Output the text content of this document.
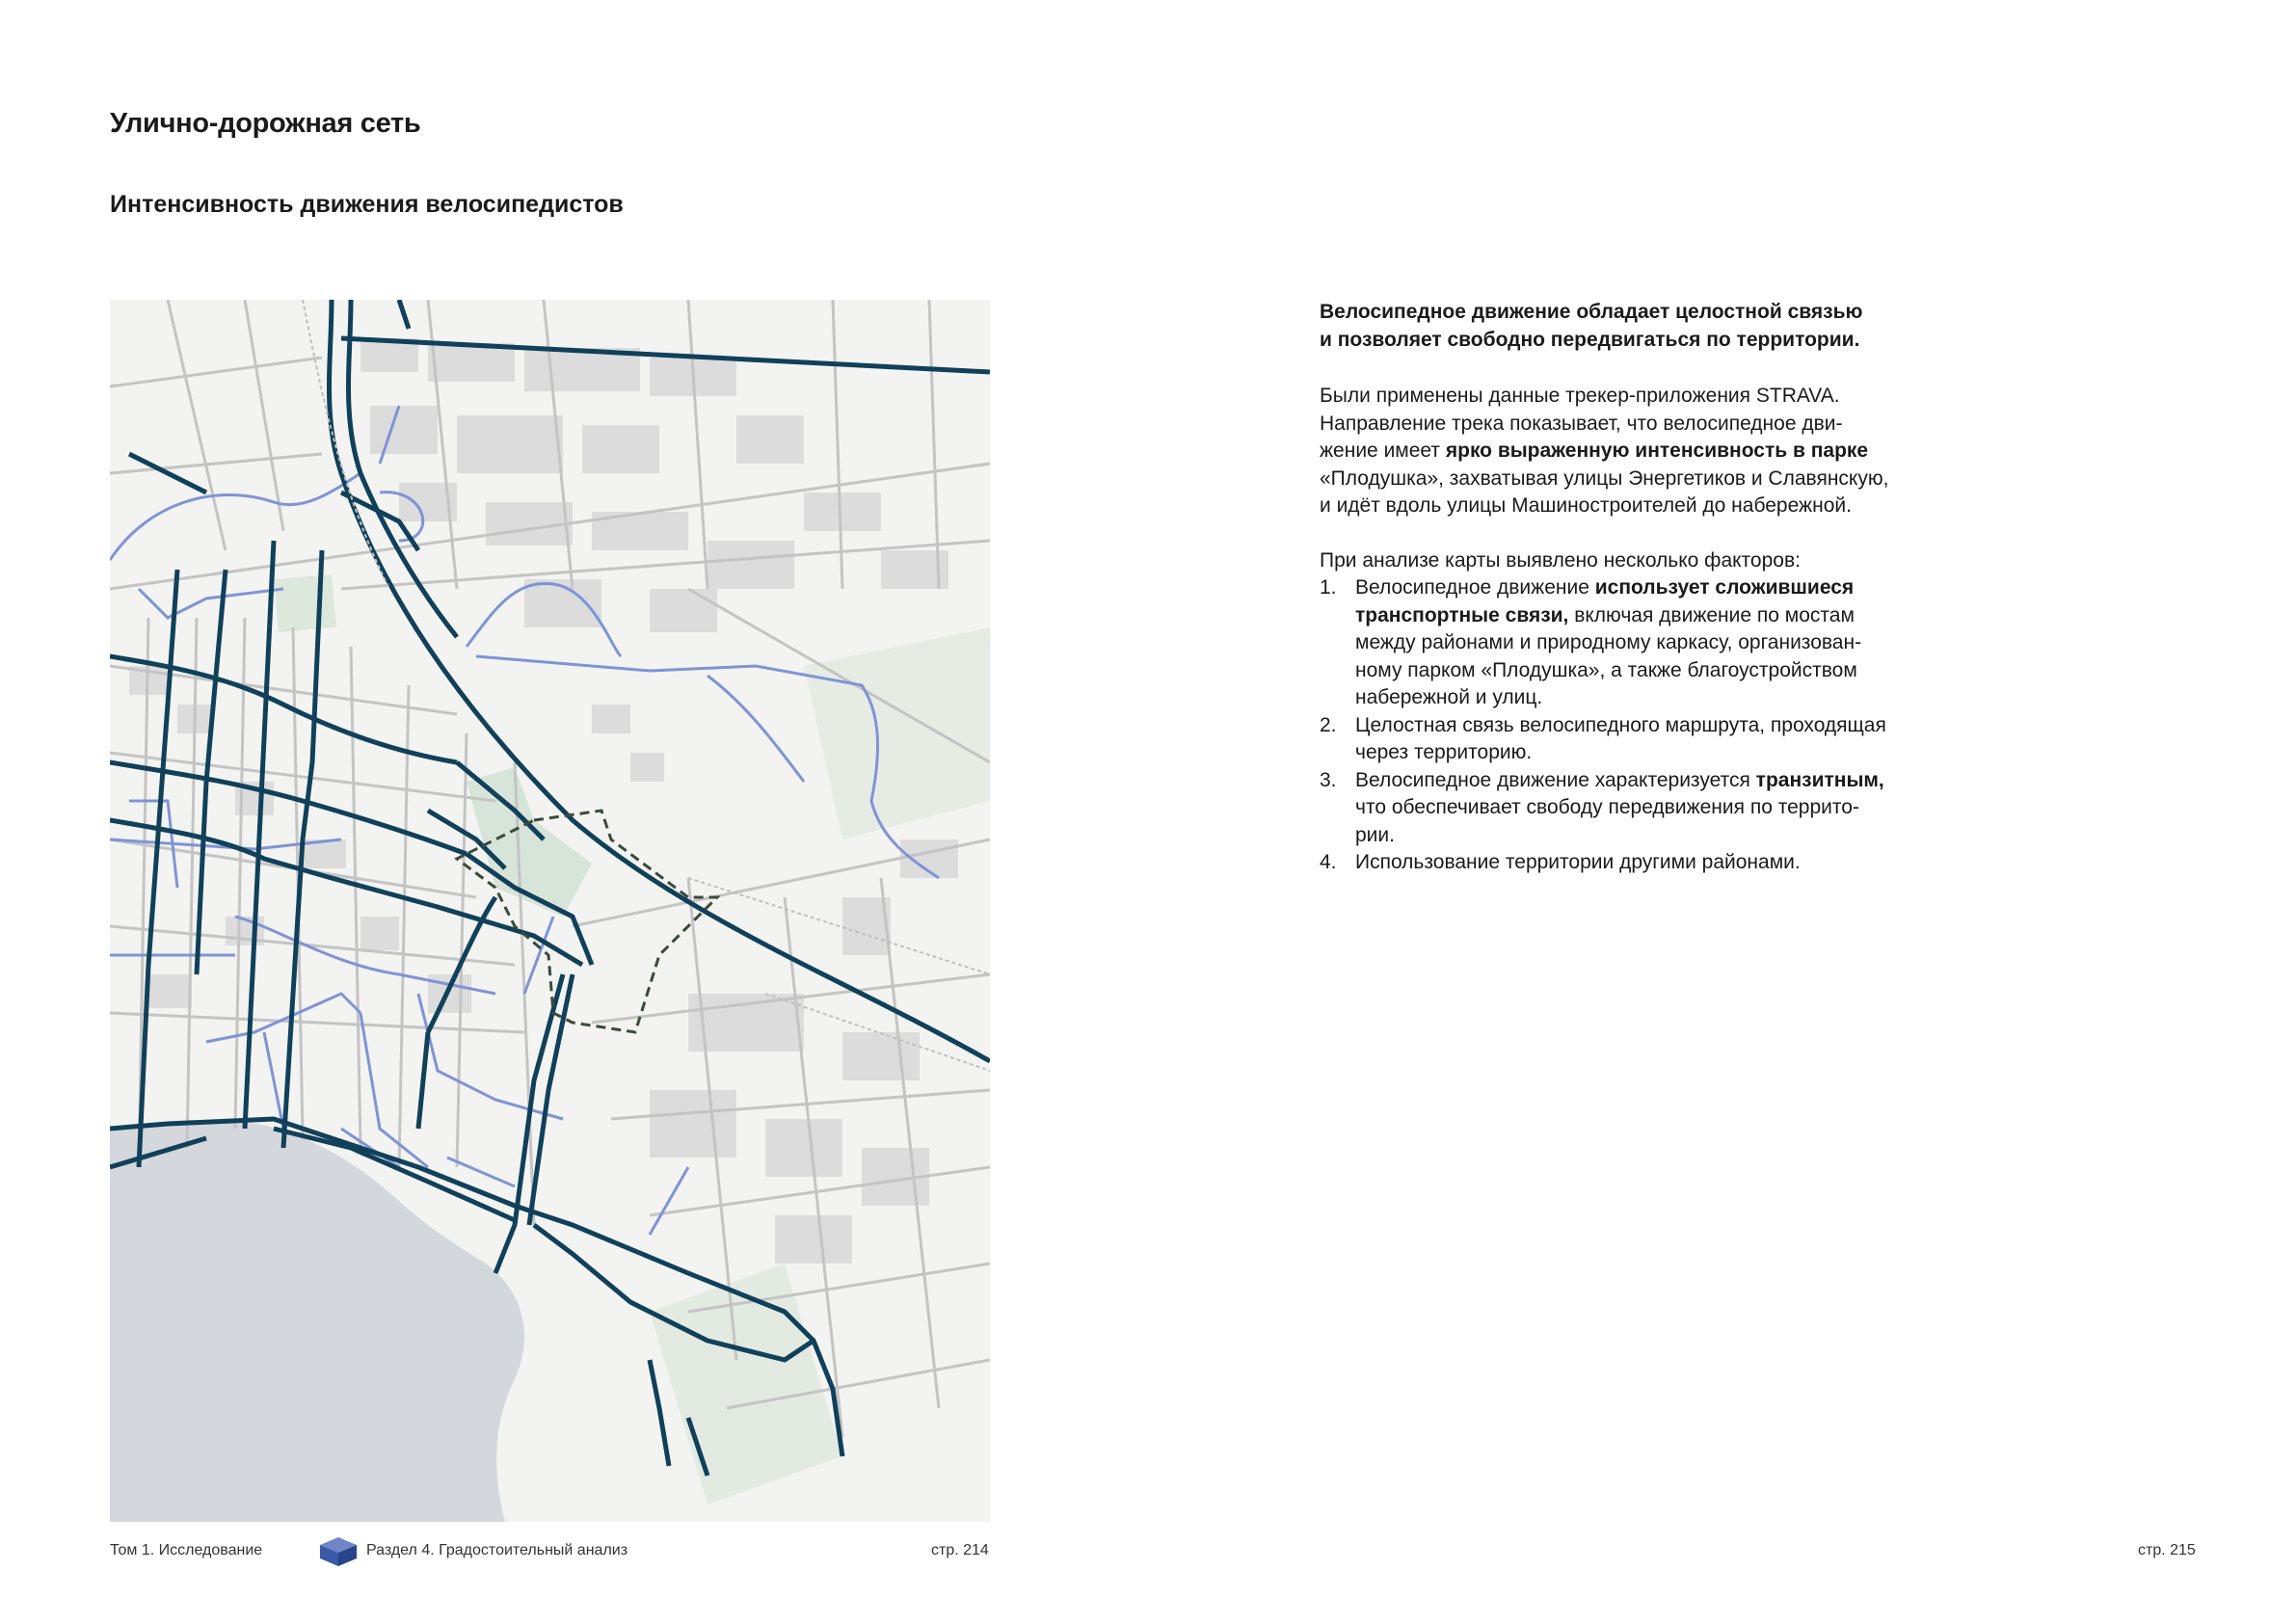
Улично-дорожная сеть
Интенсивность движения велосипедистов
Велосипедное движение обладает целостной связью
и позволяет свободно передвигаться по территории.

Были применены данные трекер-приложения STRAVA.
Направление трека показывает, что велосипедное дви-
жение имеет ярко выраженную интенсивность в парке
«Плодушка», захватывая улицы Энергетиков и Славянскую,
и идёт вдоль улицы Машиностроителей до набережной.

При анализе карты выявлено несколько факторов:

1. Велосипедное движение использует сложившиеся
транспортные связи, включая движение по мостам
между районами и природному каркасу, организован-
ному парком «Плодушка», а также благоустройством
набережной и улиц.
2. Целостная связь велосипедного маршрута, проходящая
через территорию.
3. Велосипедное движение характеризуется транзитным,
что обеспечивает свободу передвижения по террито-
рии.
4. Использование территории другими районами.
Том 1. Исследование	Раздел 4. Градостоительный анализ	стр. 214	стр. 215
